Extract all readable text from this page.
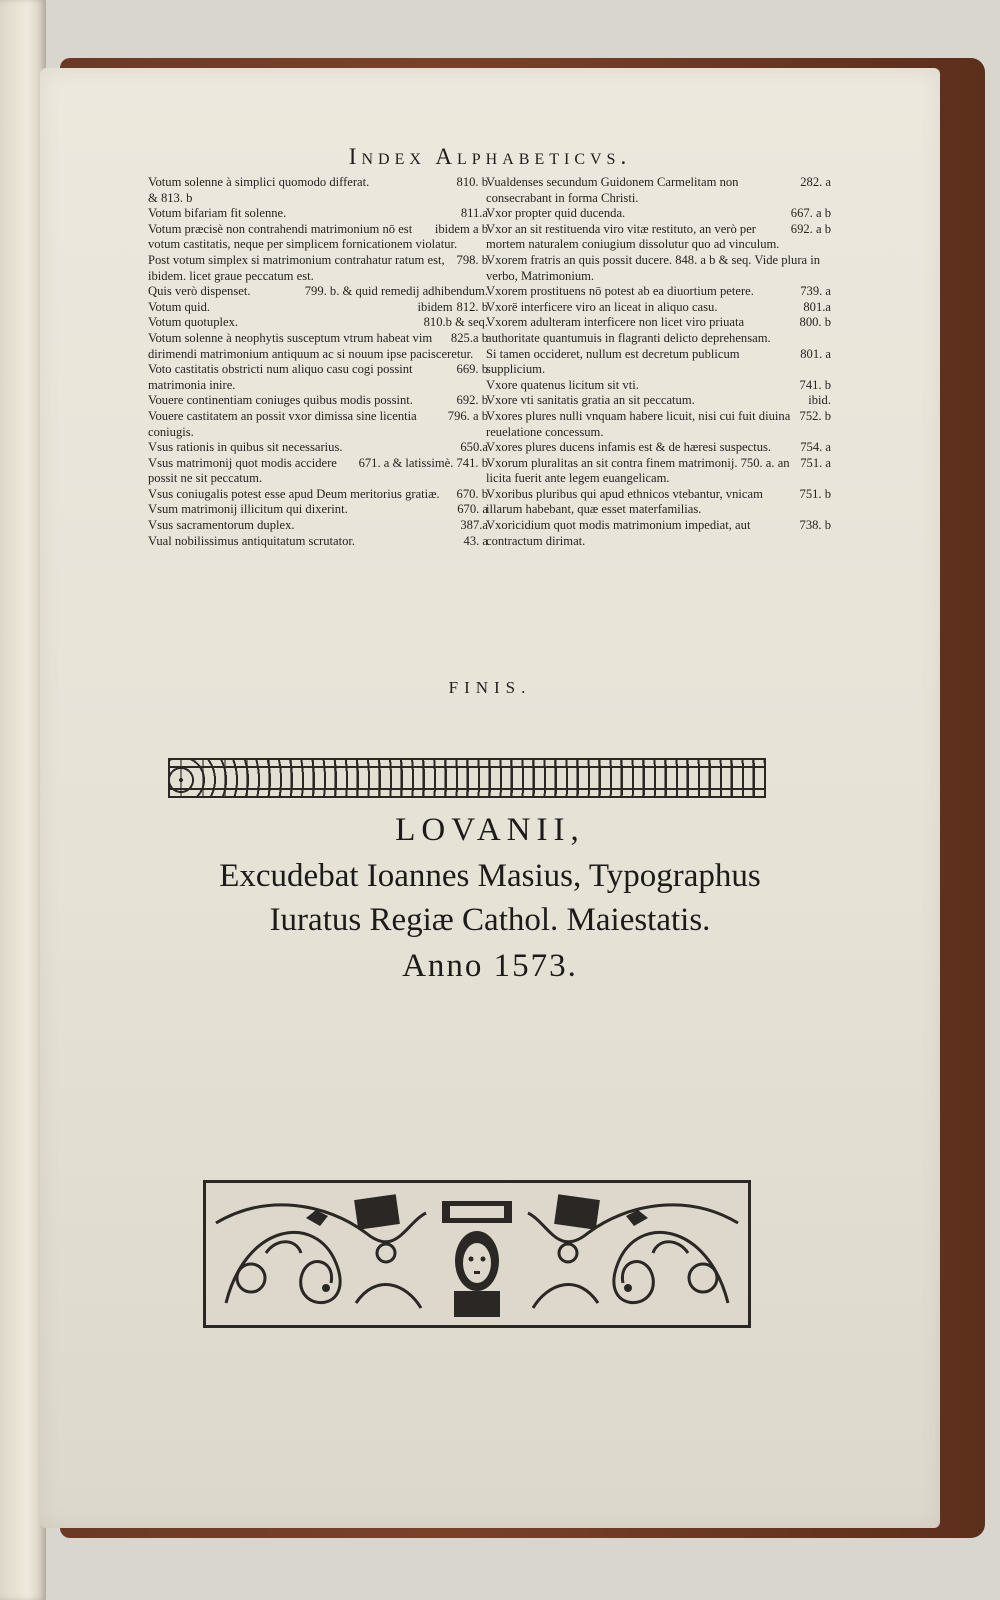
Index Alphabeticvs.

810. b
Votum solenne à simplici quomodo differat.

& 813. b

811.a
Votum bifariam fit solenne.

ibidem a b
Votum præcisè non contrahendi matrimonium nō est votum castitatis, neque per simplicem fornicationem violatur.

798. b
Post votum simplex si matrimonium contrahatur ratum est, ibidem. licet graue peccatum est.

799. b. & quid remedij adhibendum.
Quis verò dispenset.

812. b

ibidem
Votum quid.

810.b & seq.
Votum quotuplex.

825.a b
Votum solenne à neophytis susceptum vtrum habeat vim dirimendi matrimonium antiquum ac si nouum ipse pacisceretur.

669. b
Voto castitatis obstricti num aliquo casu cogi possint matrimonia inire.

692. b
Vouere continentiam coniuges quibus modis possint.

796. a b
Vouere castitatem an possit vxor dimissa sine licentia coniugis.

650.a
Vsus rationis in quibus sit necessarius.

671. a & latissimè. 741. b
Vsus matrimonij quot modis accidere possit ne sit peccatum.

670. b
Vsus coniugalis potest esse apud Deum meritorius gratiæ.

670. a
Vsum matrimonij illicitum qui dixerint.

387.a
Vsus sacramentorum duplex.

43. a
Vual nobilissimus antiquitatum scrutator.

282. a
Vualdenses secundum Guidonem Carmelitam non consecrabant in forma Christi.

667. a b
Vxor propter quid ducenda.

692. a b
Vxor an sit restituenda viro vitæ restituto, an verò per mortem naturalem coniugium dissolutur quo ad vinculum.

Vxorem fratris an quis possit ducere. 848. a b & seq. Vide plura in verbo, Matrimonium.

739. a
Vxorem prostituens nō potest ab ea diuortium petere.

801.a
Vxorē interficere viro an liceat in aliquo casu.

800. b
Vxorem adulteram interficere non licet viro priuata authoritate quantumuis in flagranti delicto deprehensam.

801. a
Si tamen occideret, nullum est decretum publicum supplicium.

741. b
Vxore quatenus licitum sit vti.

ibid.
Vxore vti sanitatis gratia an sit peccatum.

752. b
Vxores plures nulli vnquam habere licuit, nisi cui fuit diuina reuelatione concessum.

754. a
Vxores plures ducens infamis est & de hæresi suspectus.

751. a
Vxorum pluralitas an sit contra finem matrimonij. 750. a. an licita fuerit ante legem euangelicam.

751. b
Vxoribus pluribus qui apud ethnicos vtebantur, vnicam illarum habebant, quæ esset materfamilias.

738. b
Vxoricidium quot modis matrimonium impediat, aut contractum dirimat.

FINIS.
LOVANII,
Excudebat Ioannes Masius, Typographus
Iuratus Regiæ Cathol. Maiestatis.
Anno 1573.
